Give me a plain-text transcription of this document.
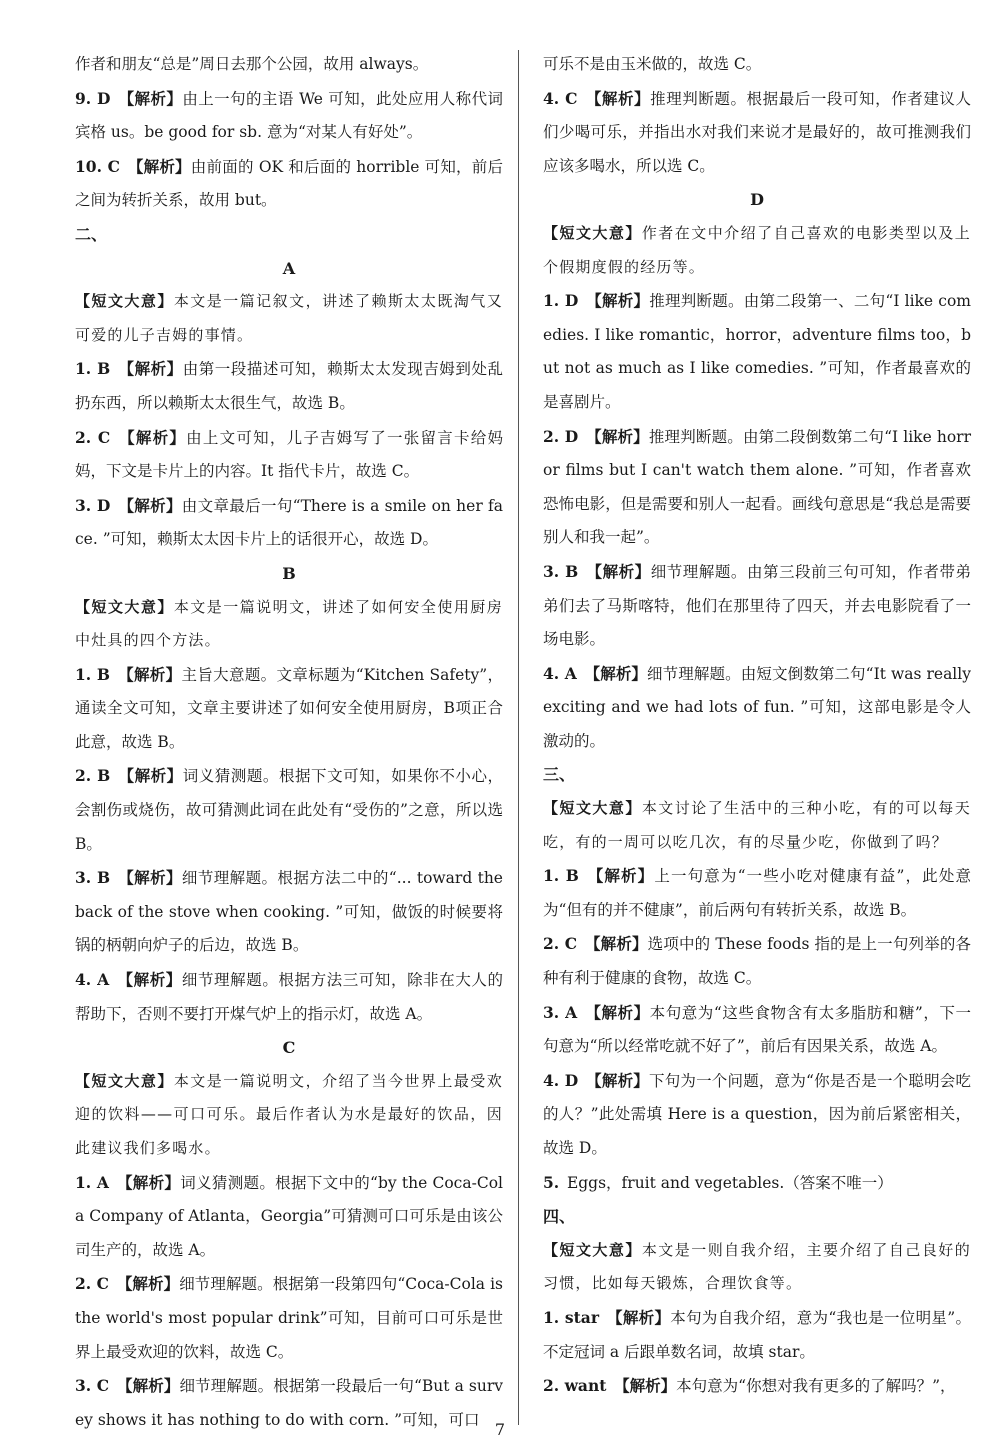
作者和朋友“总是”周日去那个公园，故用 always。

9. D  【解析】由上一句的主语 We 可知，此处应用人称代词宾格 us。be good for sb. 意为“对某人有好处”。

10. C  【解析】由前面的 OK 和后面的 horrible 可知，前后之间为转折关系，故用 but。

二、

A

【短文大意】本文是一篇记叙文，讲述了赖斯太太既淘气又可爱的儿子吉姆的事情。

1. B  【解析】由第一段描述可知，赖斯太太发现吉姆到处乱扔东西，所以赖斯太太很生气，故选 B。

2. C  【解析】由上文可知，儿子吉姆写了一张留言卡给妈妈，下文是卡片上的内容。It 指代卡片，故选 C。

3. D  【解析】由文章最后一句“There is a smile on her face. ”可知，赖斯太太因卡片上的话很开心，故选 D。

B

【短文大意】本文是一篇说明文，讲述了如何安全使用厨房中灶具的四个方法。

1. B  【解析】主旨大意题。文章标题为“Kitchen Safety”，通读全文可知，文章主要讲述了如何安全使用厨房，B项正合此意，故选 B。

2. B  【解析】词义猜测题。根据下文可知，如果你不小心，会割伤或烧伤，故可猜测此词在此处有“受伤的”之意，所以选 B。

3. B  【解析】细节理解题。根据方法二中的“... toward the back of the stove when cooking. ”可知，做饭的时候要将锅的柄朝向炉子的后边，故选 B。

4. A  【解析】细节理解题。根据方法三可知，除非在大人的帮助下，否则不要打开煤气炉上的指示灯，故选 A。

C

【短文大意】本文是一篇说明文，介绍了当今世界上最受欢迎的饮料——可口可乐。最后作者认为水是最好的饮品，因此建议我们多喝水。

1. A  【解析】词义猜测题。根据下文中的“by the Coca-Cola Company of Atlanta，Georgia”可猜测可口可乐是由该公司生产的，故选 A。

2. C  【解析】细节理解题。根据第一段第四句“Coca-Cola is the world's most popular drink”可知，目前可口可乐是世界上最受欢迎的饮料，故选 C。

3. C  【解析】细节理解题。根据第一段最后一句“But a survey shows it has nothing to do with corn. ”可知，可口

可乐不是由玉米做的，故选 C。

4. C  【解析】推理判断题。根据最后一段可知，作者建议人们少喝可乐，并指出水对我们来说才是最好的，故可推测我们应该多喝水，所以选 C。

D

【短文大意】作者在文中介绍了自己喜欢的电影类型以及上个假期度假的经历等。

1. D  【解析】推理判断题。由第二段第一、二句“I like comedies. I like romantic，horror，adventure films too，but not as much as I like comedies. ”可知，作者最喜欢的是喜剧片。

2. D  【解析】推理判断题。由第二段倒数第二句“I like horror films but I can't watch them alone. ”可知，作者喜欢恐怖电影，但是需要和别人一起看。画线句意思是“我总是需要别人和我一起”。

3. B  【解析】细节理解题。由第三段前三句可知，作者带弟弟们去了马斯喀特，他们在那里待了四天，并去电影院看了一场电影。

4. A  【解析】细节理解题。由短文倒数第二句“It was really exciting and we had lots of fun. ”可知，这部电影是令人激动的。

三、

【短文大意】本文讨论了生活中的三种小吃，有的可以每天吃，有的一周可以吃几次，有的尽量少吃，你做到了吗？

1. B  【解析】上一句意为“一些小吃对健康有益”，此处意为“但有的并不健康”，前后两句有转折关系，故选 B。

2. C  【解析】选项中的 These foods 指的是上一句列举的各种有利于健康的食物，故选 C。

3. A  【解析】本句意为“这些食物含有太多脂肪和糖”，下一句意为“所以经常吃就不好了”，前后有因果关系，故选 A。

4. D  【解析】下句为一个问题，意为“你是否是一个聪明会吃的人？”此处需填 Here is a question，因为前后紧密相关，故选 D。

5.  Eggs，fruit and vegetables.（答案不唯一）

四、

【短文大意】本文是一则自我介绍，主要介绍了自己良好的习惯，比如每天锻炼，合理饮食等。

1. star  【解析】本句为自我介绍，意为“我也是一位明星”。不定冠词 a 后跟单数名词，故填 star。

2. want  【解析】本句意为“你想对我有更多的了解吗？”，

7
